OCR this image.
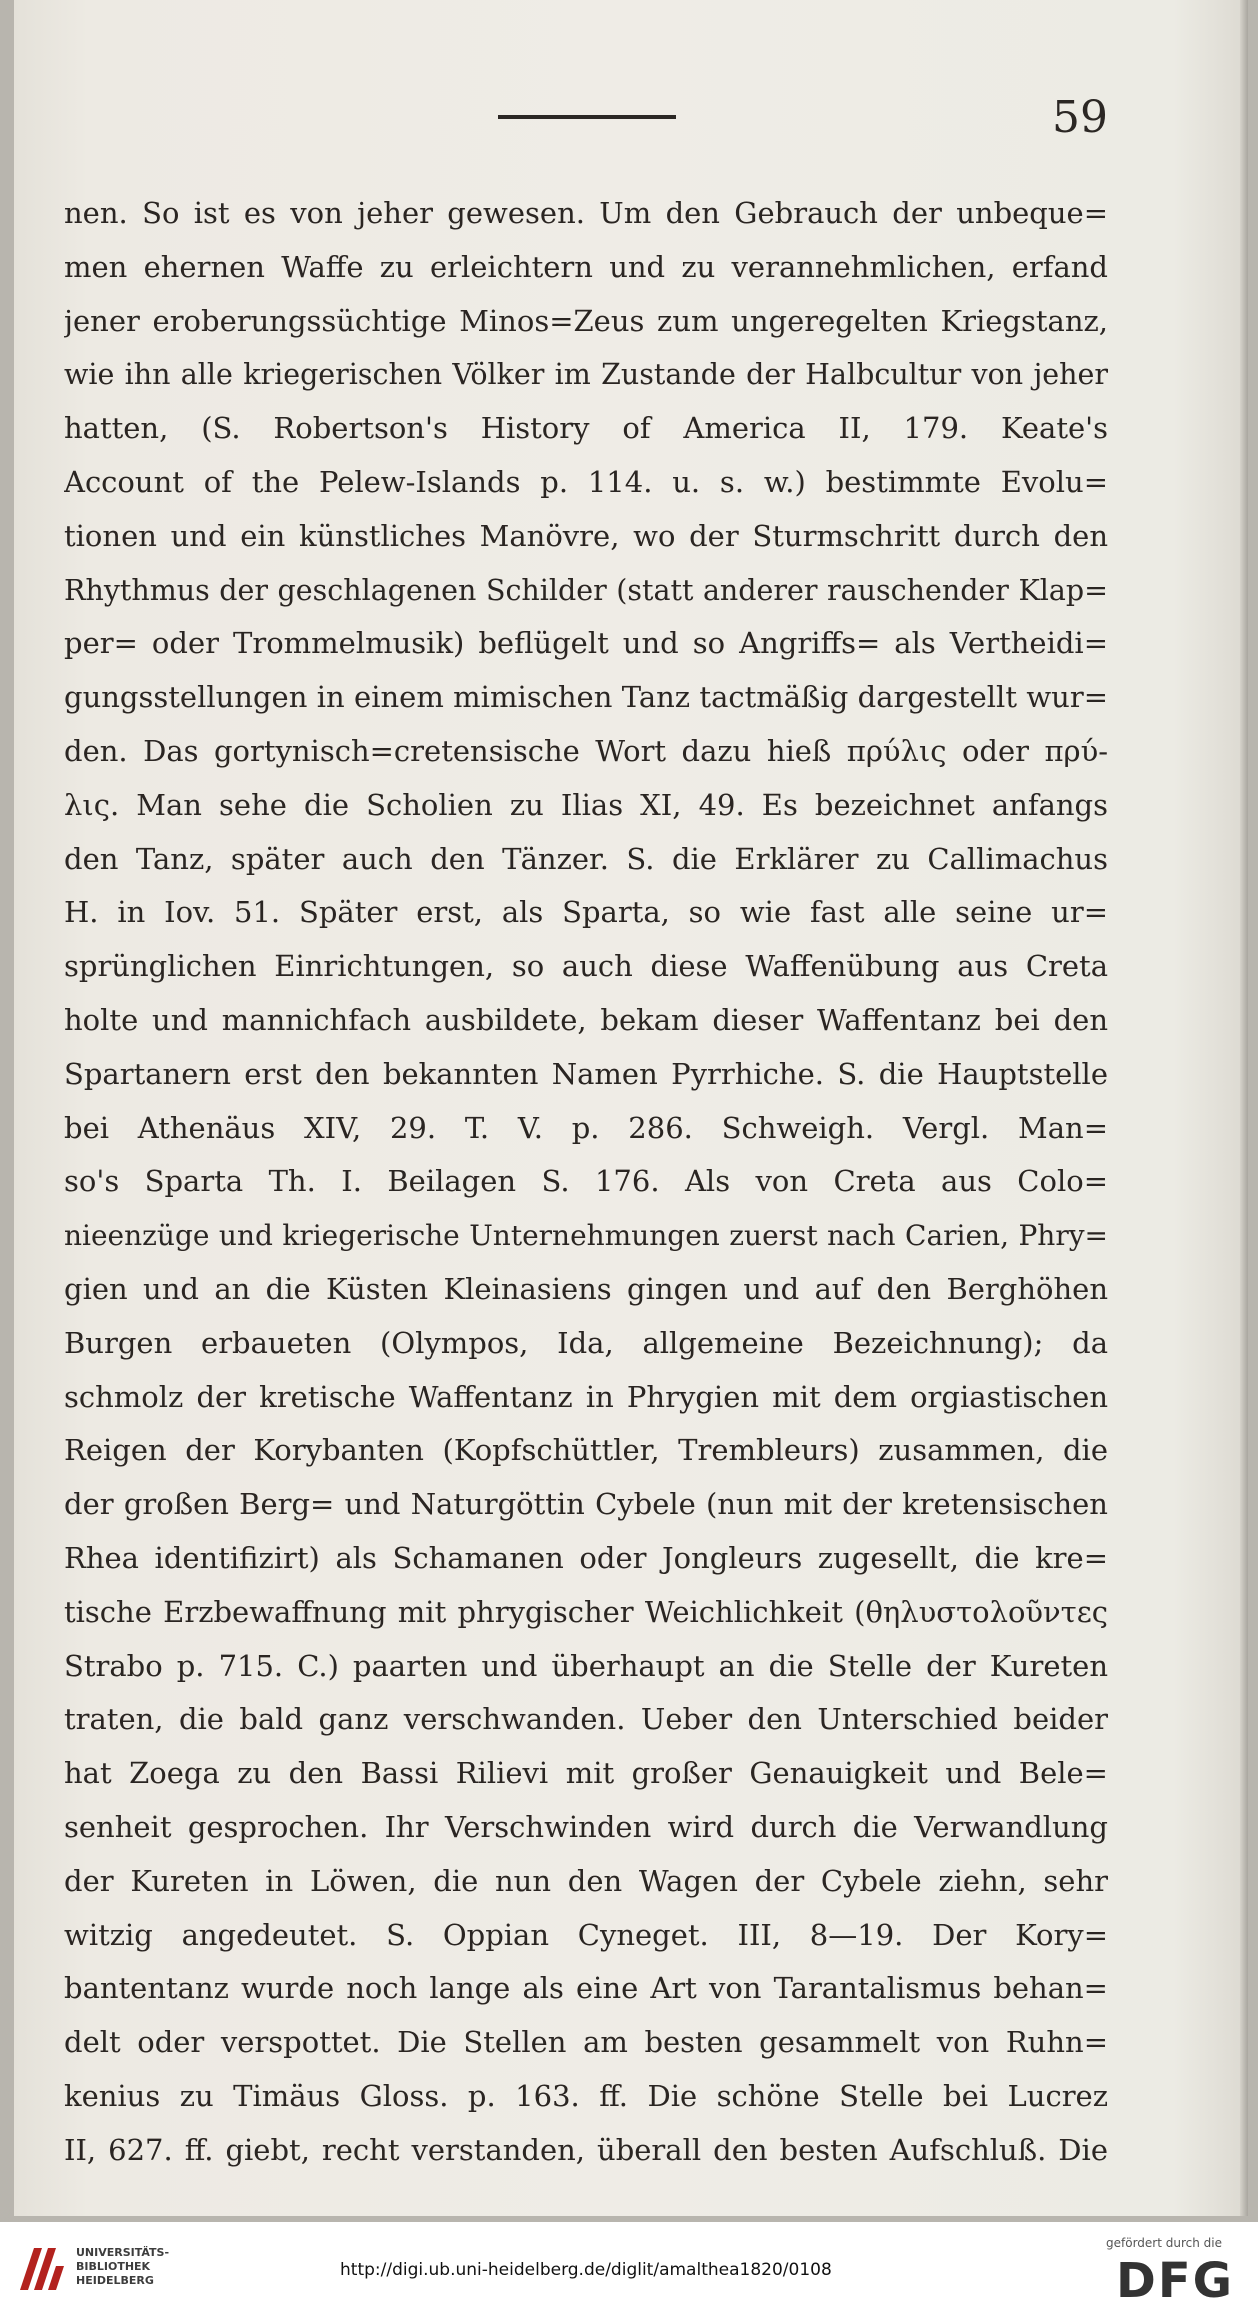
59
nen. So ist es von jeher gewesen. Um den Gebrauch der unbeque=
men ehernen Waffe zu erleichtern und zu verannehmlichen, erfand
jener eroberungssüchtige Minos=Zeus zum ungeregelten Kriegstanz,
wie ihn alle kriegerischen Völker im Zustande der Halbcultur von jeher
hatten, (S. Robertson's History of America II, 179. Keate's
Account of the Pelew-Islands p. 114. u. s. w.) bestimmte Evolu=
tionen und ein künstliches Manövre, wo der Sturmschritt durch den
Rhythmus der geschlagenen Schilder (statt anderer rauschender Klap=
per= oder Trommelmusik) beflügelt und so Angriffs= als Vertheidi=
gungsstellungen in einem mimischen Tanz tactmäßig dargestellt wur=
den. Das gortynisch=cretensische Wort dazu hieß πρύλις oder πρύ-
λις. Man sehe die Scholien zu Ilias XI, 49. Es bezeichnet anfangs
den Tanz, später auch den Tänzer. S. die Erklärer zu Callimachus
H. in Iov. 51. Später erst, als Sparta, so wie fast alle seine ur=
sprünglichen Einrichtungen, so auch diese Waffenübung aus Creta
holte und mannichfach ausbildete, bekam dieser Waffentanz bei den
Spartanern erst den bekannten Namen Pyrrhiche. S. die Hauptstelle
bei Athenäus XIV, 29. T. V. p. 286. Schweigh. Vergl. Man=
so's Sparta Th. I. Beilagen S. 176. Als von Creta aus Colo=
nieenzüge und kriegerische Unternehmungen zuerst nach Carien, Phry=
gien und an die Küsten Kleinasiens gingen und auf den Berghöhen
Burgen erbaueten (Olympos, Ida, allgemeine Bezeichnung); da
schmolz der kretische Waffentanz in Phrygien mit dem orgiastischen
Reigen der Korybanten (Kopfschüttler, Trembleurs) zusammen, die
der großen Berg= und Naturgöttin Cybele (nun mit der kretensischen
Rhea identifizirt) als Schamanen oder Jongleurs zugesellt, die kre=
tische Erzbewaffnung mit phrygischer Weichlichkeit (θηλυστολοῦντες
Strabo p. 715. C.) paarten und überhaupt an die Stelle der Kureten
traten, die bald ganz verschwanden. Ueber den Unterschied beider
hat Zoega zu den Bassi Rilievi mit großer Genauigkeit und Bele=
senheit gesprochen. Ihr Verschwinden wird durch die Verwandlung
der Kureten in Löwen, die nun den Wagen der Cybele ziehn, sehr
witzig angedeutet. S. Oppian Cyneget. III, 8—19. Der Kory=
bantentanz wurde noch lange als eine Art von Tarantalismus behan=
delt oder verspottet. Die Stellen am besten gesammelt von Ruhn=
kenius zu Timäus Gloss. p. 163. ff. Die schöne Stelle bei Lucrez
II, 627. ff. giebt, recht verstanden, überall den besten Aufschluß. Die
UNIVERSITÄTS-
BIBLIOTHEK
HEIDELBERG
http://digi.ub.uni-heidelberg.de/diglit/amalthea1820/0108
gefördert durch die
DFG
